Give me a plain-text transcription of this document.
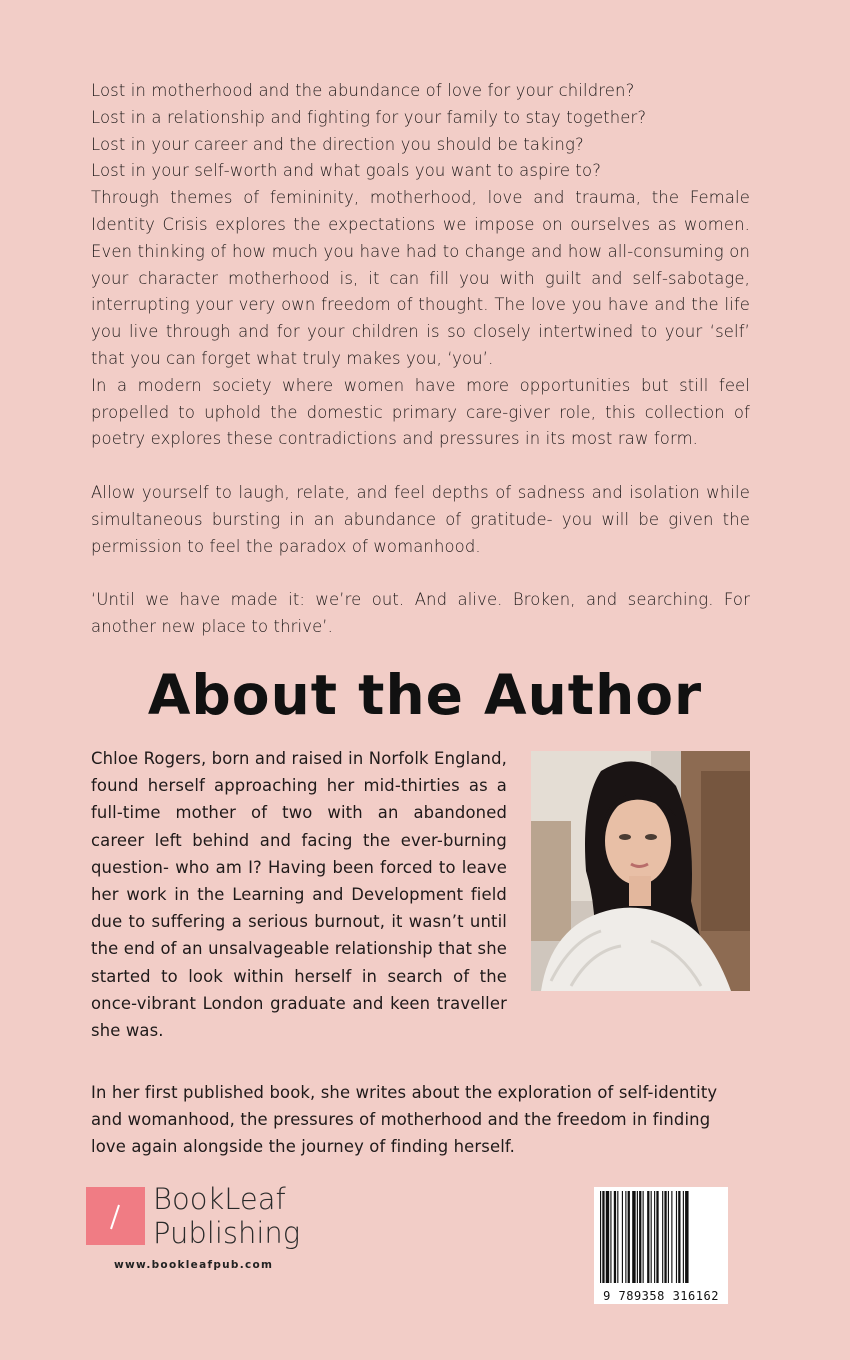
Lost in motherhood and the abundance of love for your children?

Lost in a relationship and fighting for your family to stay together?

Lost in your career and the direction you should be taking?

Lost in your self-worth and what goals you want to aspire to?

Through themes of femininity, motherhood, love and trauma, the Female Identity Crisis explores the expectations we impose on ourselves as women. Even thinking of how much you have had to change and how all-consuming on your character motherhood is, it can fill you with guilt and self-sabotage, interrupting your very own freedom of thought. The love you have and the life you live through and for your children is so closely intertwined to your ‘self’ that you can forget what truly makes you, ‘you’.

In a modern society where women have more opportunities but still feel propelled to uphold the domestic primary care-giver role, this collection of poetry explores these contradictions and pressures in its most raw form.

Allow yourself to laugh, relate, and feel depths of sadness and isolation while simultaneous bursting in an abundance of gratitude- you will be given the permission to feel the paradox of womanhood.

‘Until we have made it: we’re out. And alive. Broken, and searching. For another new place to thrive’.

About the Author

Chloe Rogers, born and raised in Norfolk England, found herself approaching her mid-thirties as a full-time mother of two with an abandoned career left behind and facing the ever-burning question- who am I? Having been forced to leave her work in the Learning and Development field due to suffering a serious burnout, it wasn’t until the end of an unsalvageable relationship that she started to look within herself in search of the once-vibrant London graduate and keen traveller she was.

In her first published book, she writes about the exploration of self-identity and womanhood, the pressures of motherhood and the freedom in finding love again alongside the journey of finding herself.

BookLeaf
Publishing
www.bookleafpub.com
9 789358 316162
